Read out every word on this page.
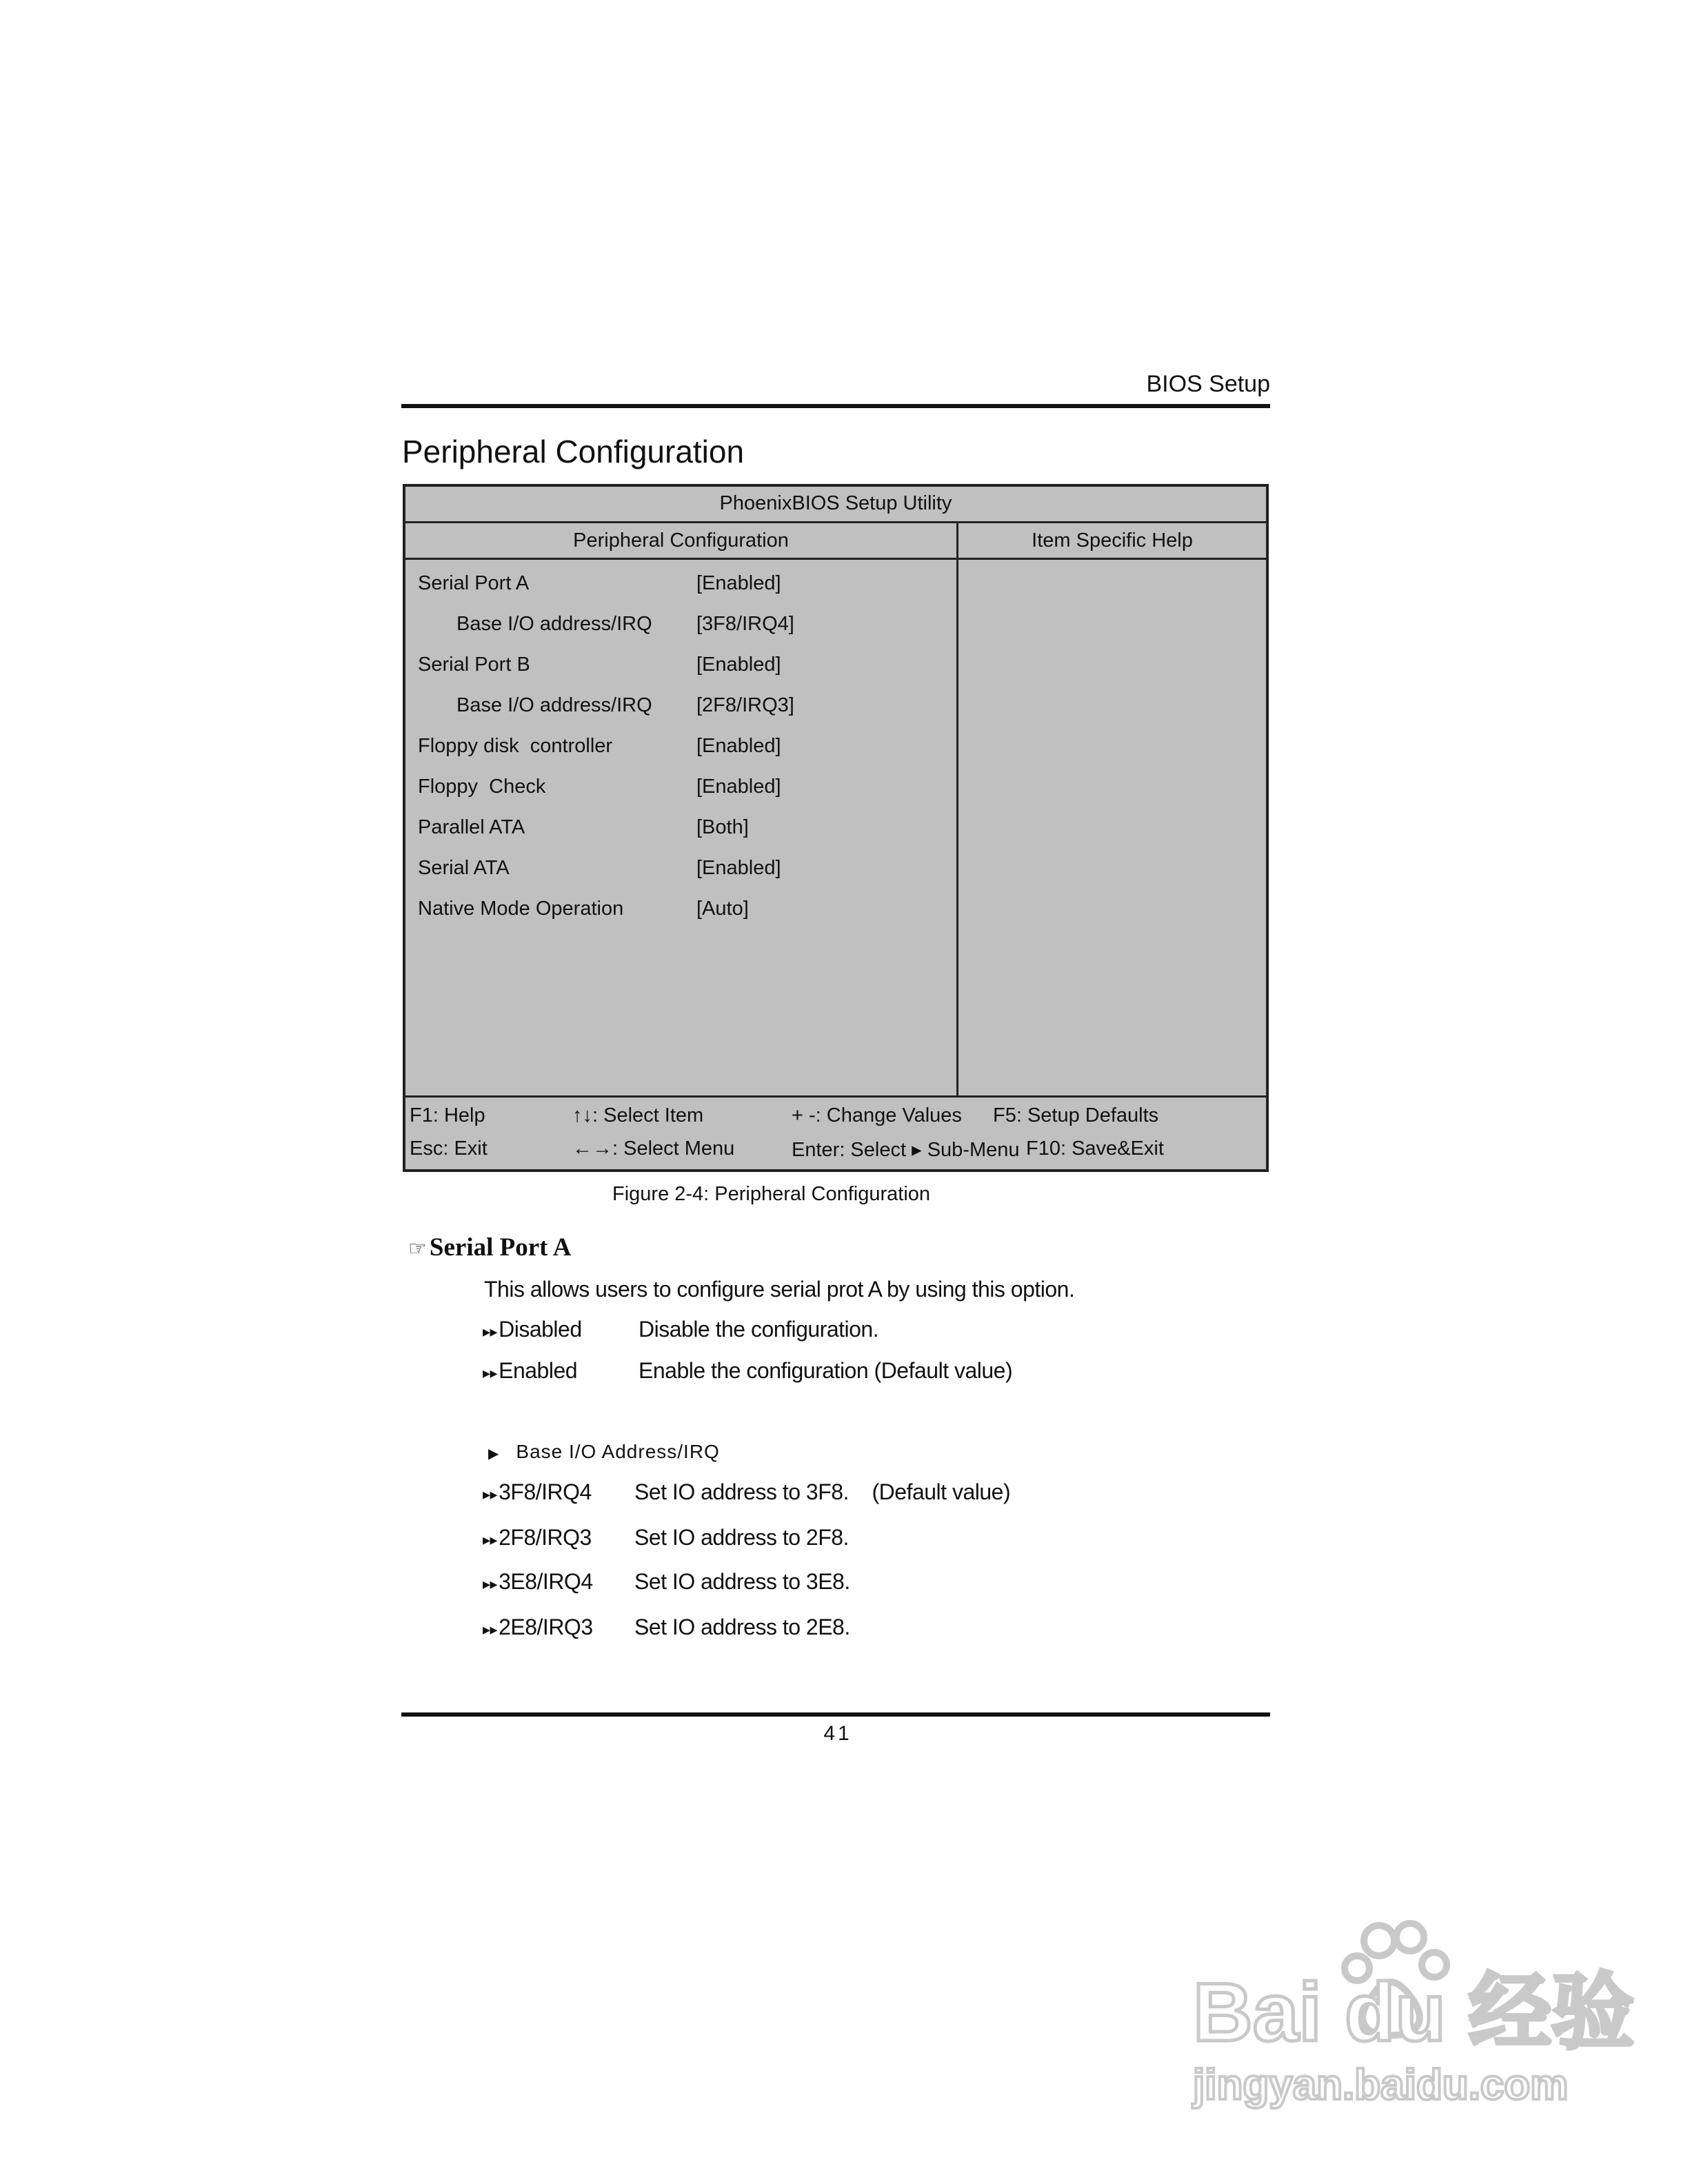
BIOS Setup
Peripheral Configuration
PhoenixBIOS Setup Utility
Peripheral Configuration	Item Specific Help
Serial Port A	[Enabled]
Base I/O address/IRQ [3F8/IRQ4]
Serial Port B	[Enabled]
Base I/O address/IRQ [2F8/IRQ3]
Floppy disk  controller	[Enabled]
Floppy  Check	[Enabled]
Parallel ATA	[Both]
Serial ATA	[Enabled]
Native Mode Operation	[Auto]
F1: Help	↑↓: Select Item	+ -: Change Values F5: Setup Defaults
Esc: Exit	←→: Select Menu	Enter: Select ▸ Sub-Menu F10: Save&Exit
Figure 2-4: Peripheral Configuration
☞ Serial Port A
This allows users to configure serial prot A by using this option.
▸▸Disabled	Disable the configuration.
▸▸Enabled	Enable the configuration (Default value)
▶ Base I/O Address/IRQ
▸▸3F8/IRQ4 Set IO address to 3F8.    (Default value)
▸▸2F8/IRQ3 Set IO address to 2F8.
▸▸3E8/IRQ4 Set IO address to 3E8.
▸▸2E8/IRQ3 Set IO address to 2E8.
41
Bai du 经验
jingyan.baidu.com
